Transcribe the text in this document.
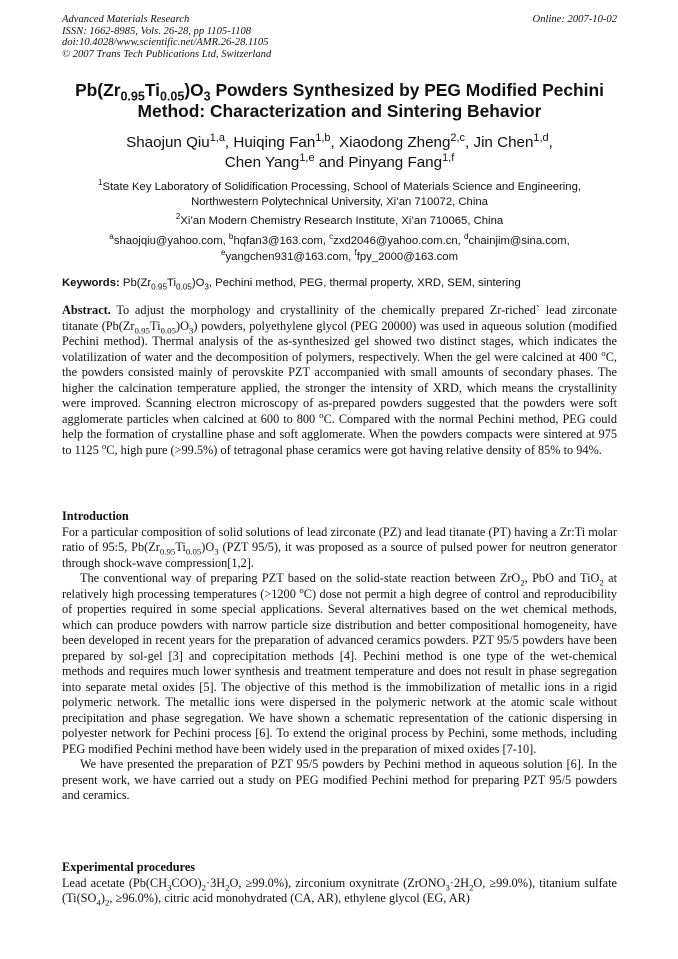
Advanced Materials Research
ISSN: 1662-8985, Vols. 26-28, pp 1105-1108
doi:10.4028/www.scientific.net/AMR.26-28.1105
© 2007 Trans Tech Publications Ltd, Switzerland
Online: 2007-10-02
$Pb(Zr_{0.95}Ti_{0.05})O_3$ Powders Synthesized by PEG Modified Pechini
Method: Characterization and Sintering Behavior
Shaojun Qiu$^{1,a}$, Huiqing Fan$^{1,b}$, Xiaodong Zheng$^{2,c}$, Jin Chen$^{1,d}$,
Chen Yang$^{1,e}$ and Pinyang Fang$^{1,f}$
$^1$State Key Laboratory of Solidification Processing, School of Materials Science and Engineering,
Northwestern Polytechnical University, Xi’an 710072, China
$^2$Xi’an Modern Chemistry Research Institute, Xi’an 710065, China
$^a$shaojqiu@yahoo.com, $^b$hqfan3@163.com, $^c$zxd2046@yahoo.com.cn, $^d$chainjim@sina.com,
$^e$yangchen931@163.com, $^f$fpy_2000@163.com
Keywords: $Pb(Zr_{0.95}Ti_{0.05})O_3$, Pechini method, PEG, thermal property, XRD, SEM, sintering

Abstract. To adjust the morphology and crystallinity of the chemically prepared Zr-riched` lead zirconate titanate $(Pb(Zr_{0.95}Ti_{0.05})O_3)$ powders, polyethylene glycol (PEG 20000) was used in aqueous solution (modified Pechini method). Thermal analysis of the as-synthesized gel showed two distinct stages, which indicates the volatilization of water and the decomposition of polymers, respectively. When the gel were calcined at 400 $^o$C, the powders consisted mainly of perovskite PZT accompanied with small amounts of secondary phases. The higher the calcination temperature applied, the stronger the intensity of XRD, which means the crystallinity were improved. Scanning electron microscopy of as-prepared powders suggested that the powders were soft agglomerate particles when calcined at 600 to 800 $^o$C. Compared with the normal Pechini method, PEG could help the formation of crystalline phase and soft agglomerate. When the powders compacts were sintered at 975 to 1125 $^o$C, high pure (>99.5%) of tetragonal phase ceramics were got having relative density of 85% to 94%.

Introduction

For a particular composition of solid solutions of lead zirconate (PZ) and lead titanate (PT) having a Zr:Ti molar ratio of 95:5, $Pb(Zr_{0.95}Ti_{0.05})O_3$ (PZT 95/5), it was proposed as a source of pulsed power for neutron generator through shock-wave compression[1,2].

The conventional way of preparing PZT based on the solid-state reaction between ZrO$_2$, PbO and TiO$_2$ at relatively high processing temperatures (>1200 $^o$C) dose not permit a high degree of control and reproducibility of properties required in some special applications. Several alternatives based on the wet chemical methods, which can produce powders with narrow particle size distribution and better compositional homogeneity, have been developed in recent years for the preparation of advanced ceramics powders. PZT 95/5 powders have been prepared by sol-gel [3] and coprecipitation methods [4]. Pechini method is one type of the wet-chemical methods and requires much lower synthesis and treatment temperature and does not result in phase segregation into separate metal oxides [5]. The objective of this method is the immobilization of metallic ions in a rigid polymeric network. The metallic ions were dispersed in the polymeric network at the atomic scale without precipitation and phase segregation. We have shown a schematic representation of the cationic dispersing in polyester network for Pechini process [6]. To extend the original process by Pechini, some methods, including PEG modified Pechini method have been widely used in the preparation of mixed oxides [7-10].

We have presented the preparation of PZT 95/5 powders by Pechini method in aqueous solution [6]. In the present work, we have carried out a study on PEG modified Pechini method for preparing PZT 95/5 powders and ceramics.

Experimental procedures

Lead acetate ($Pb(CH_3COO)_2\cdot 3H_2O$, ≥99.0%), zirconium oxynitrate ($ZrONO_3\cdot 2H_2O$, ≥99.0%), titanium sulfate ($Ti(SO_4)_2$, ≥96.0%), citric acid monohydrated (CA, AR), ethylene glycol (EG, AR)
